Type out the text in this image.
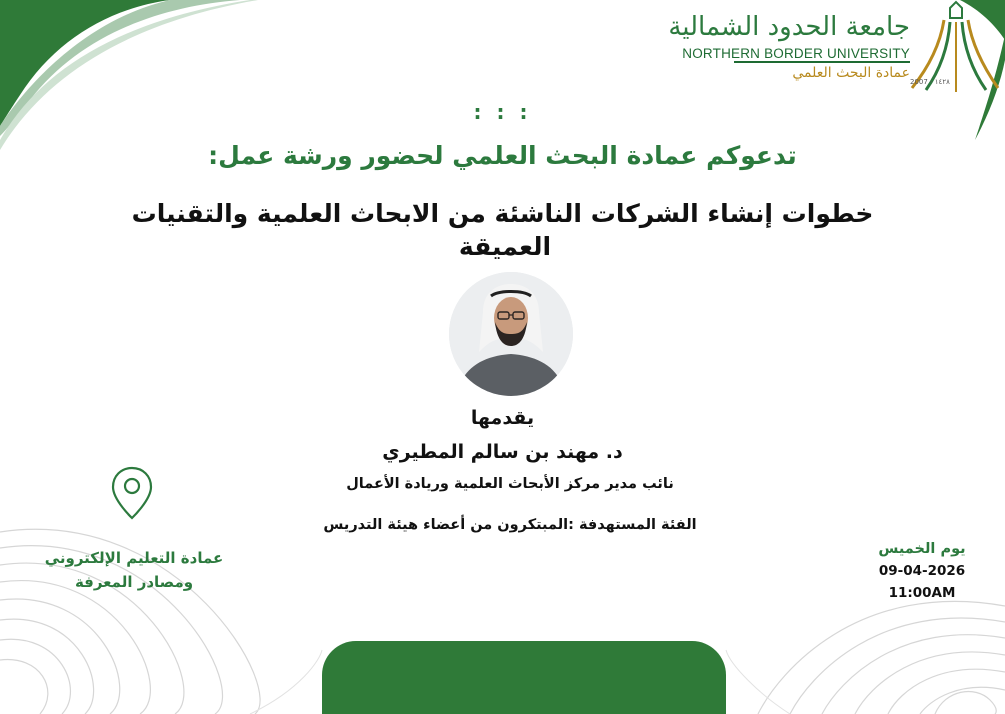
جامعة الحدود الشمالية
NORTHERN BORDER UNIVERSITY
عمادة البحث العلمي
2007 - ١٤٢٨
: : :
تدعوكم عمادة البحث العلمي لحضور ورشة عمل:
خطوات إنشاء الشركات الناشئة من الابحاث العلمية والتقنيات
العميقة
يقدمها
د. مهند بن سالم المطيري
نائب مدير مركز الأبحاث العلمية وريادة الأعمال
الفئة المستهدفة :المبتكرون من أعضاء هيئة التدريس
عمادة التعليم الإلكتروني
ومصادر المعرفة
يوم الخميس
09-04-2026
11:00AM
